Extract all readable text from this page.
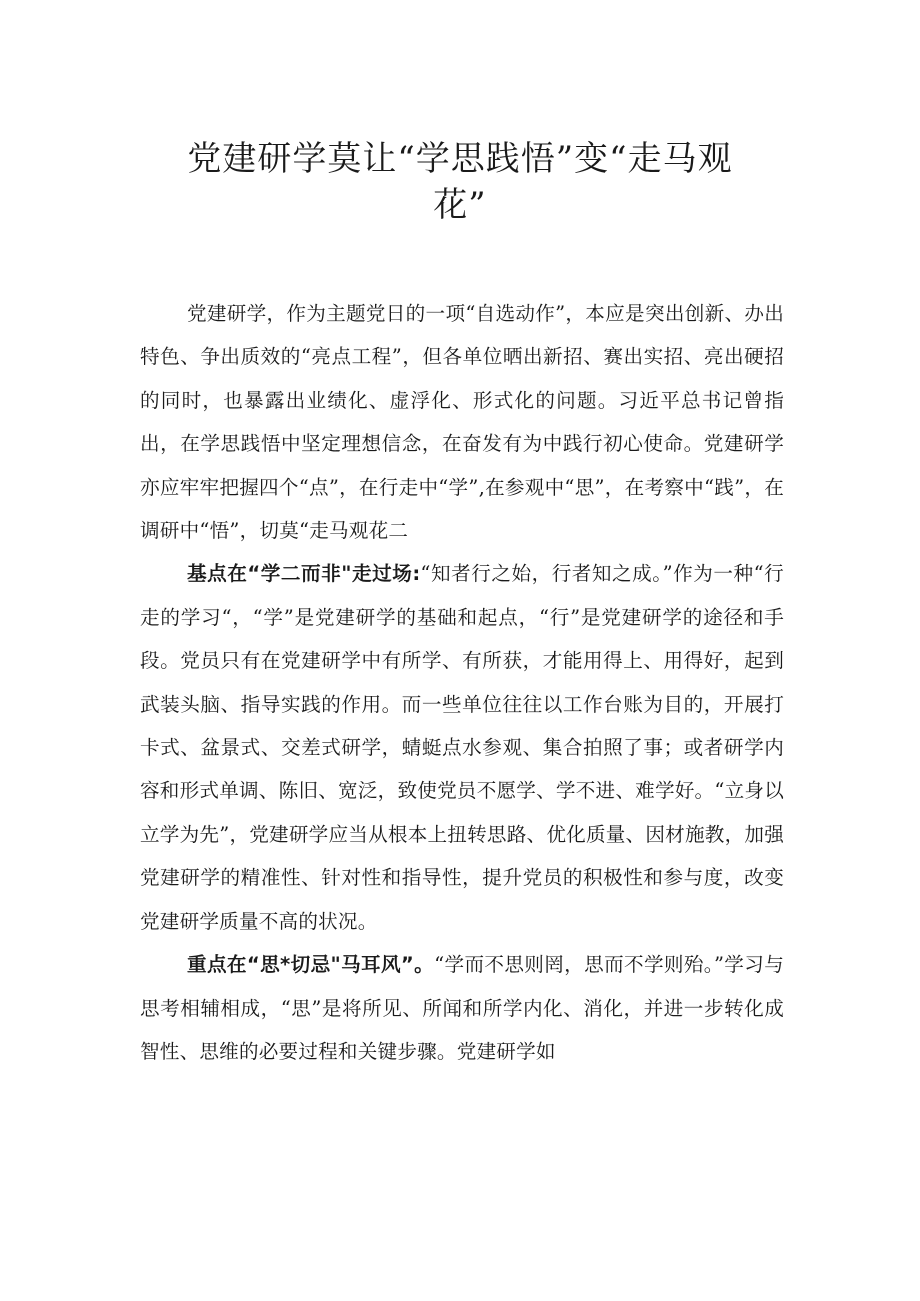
党建研学莫让“学思践悟”变“走马观
花”

党建研学，作为主题党日的一项“自选动作”，本应是突出创新、办出特色、争出质效的“亮点工程”，但各单位晒出新招、赛出实招、亮出硬招的同时，也暴露出业绩化、虚浮化、形式化的问题。习近平总书记曾指出，在学思践悟中坚定理想信念，在奋发有为中践行初心使命。党建研学亦应牢牢把握四个“点”，在行走中“学”,在参观中“思”，在考察中“践”，在调研中“悟”，切莫“走马观花二

基点在“学二而非"走过场:“知者行之始，行者知之成。”作为一种“行走的学习“，“学”是党建研学的基础和起点，“行”是党建研学的途径和手段。党员只有在党建研学中有所学、有所获，才能用得上、用得好，起到武装头脑、指导实践的作用。而一些单位往往以工作台账为目的，开展打卡式、盆景式、交差式研学，蜻蜓点水参观、集合拍照了事；或者研学内容和形式单调、陈旧、宽泛，致使党员不愿学、学不进、难学好。“立身以立学为先”，党建研学应当从根本上扭转思路、优化质量、因材施教，加强党建研学的精准性、针对性和指导性，提升党员的积极性和参与度，改变党建研学质量不高的状况。

重点在“思*切忌"马耳风”。“学而不思则罔，思而不学则殆。”学习与思考相辅相成，“思”是将所见、所闻和所学内化、消化，并进一步转化成智性、思维的必要过程和关键步骤。党建研学如
